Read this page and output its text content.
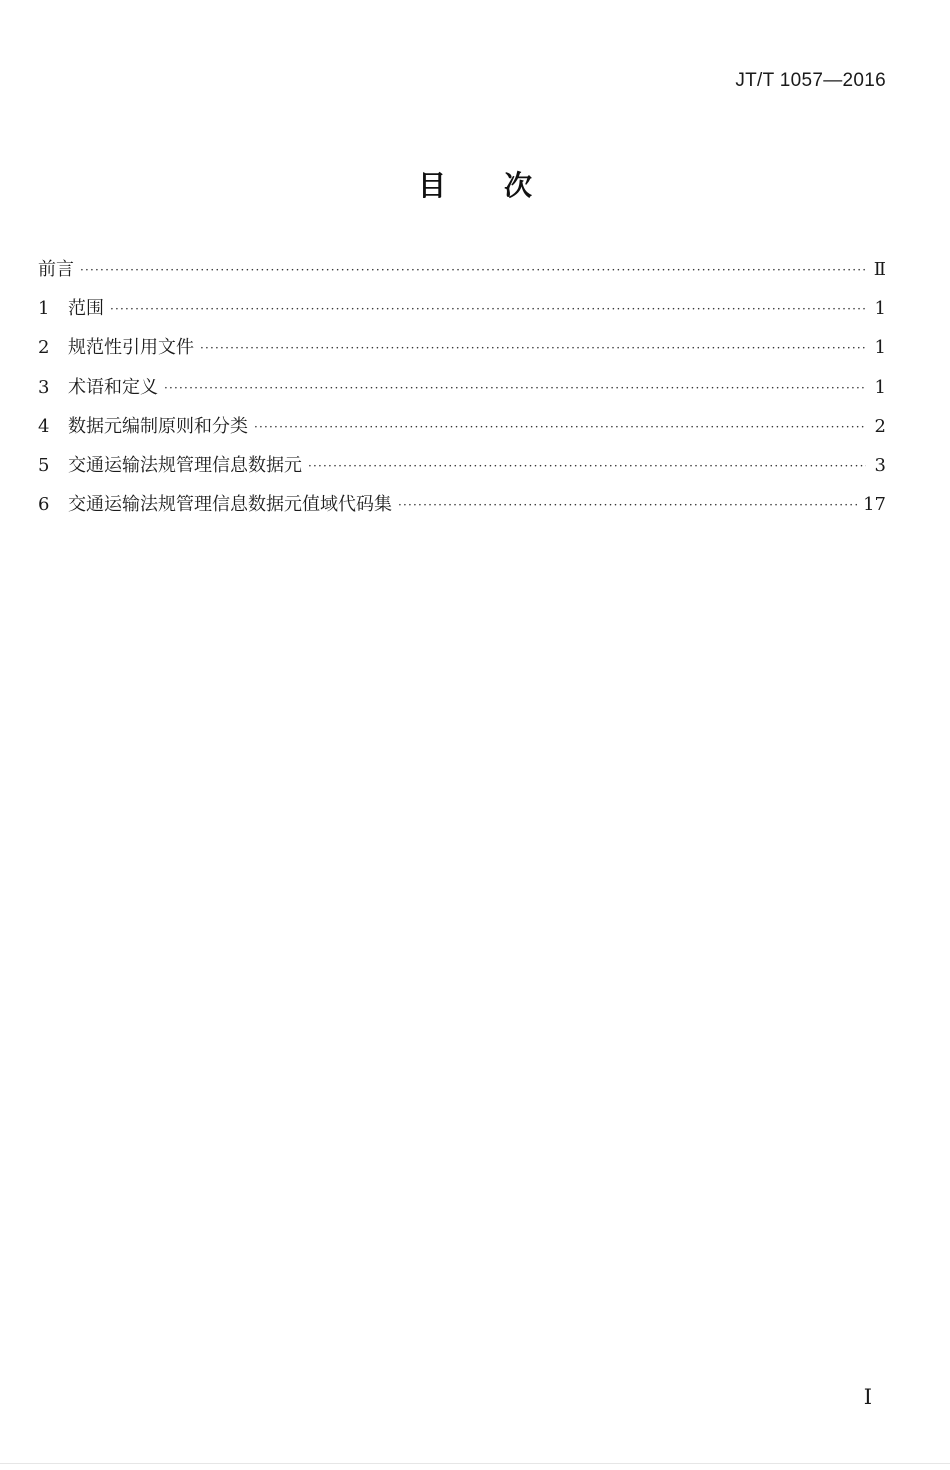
JT/T 1057—2016
目次
前言 ·····	Ⅱ
1	范围 ·····	1
2	规范性引用文件 ·····	1
3	术语和定义 ·····	1
4	数据元编制原则和分类 ·····	2
5	交通运输法规管理信息数据元 ·····	3
6	交通运输法规管理信息数据元值域代码集 ·····	17
I
